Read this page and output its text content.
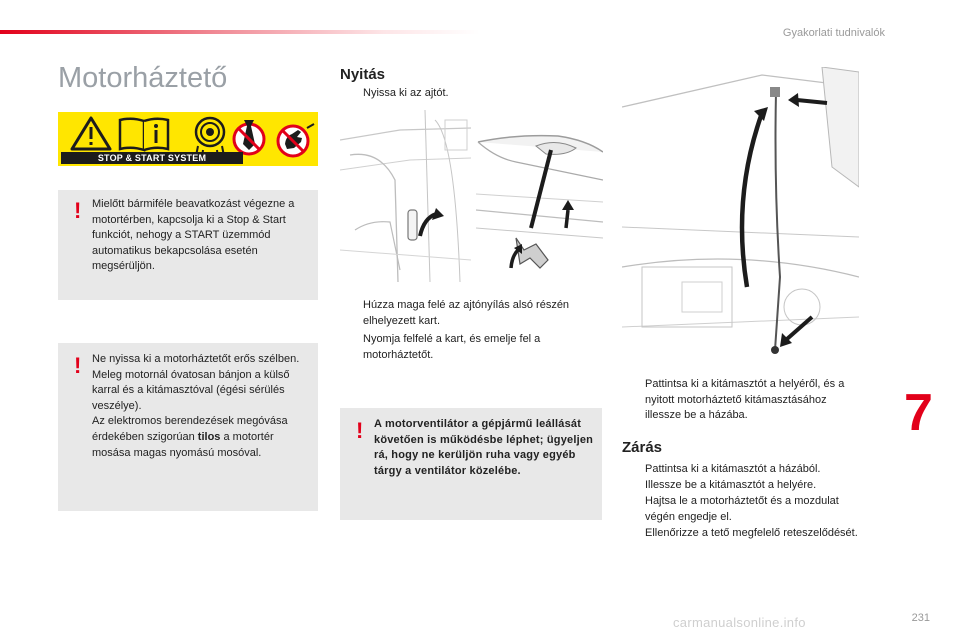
Gyakorlati tudnivalók
Motorháztető
STOP & START SYSTEM
! Mielőtt bármiféle beavatkozást végezne a motortérben, kapcsolja ki a Stop & Start funkciót, nehogy a START üzemmód automatikus bekapcsolása esetén megsérüljön.

! Ne nyissa ki a motorháztetőt erős szélben.
Meleg motornál óvatosan bánjon a külső karral és a kitámasztóval (égési sérülés veszélye).
Az elektromos berendezések megóvása érdekében szigorúan tilos a motortér mosása magas nyomású mosóval.
Nyitás
Nyissa ki az ajtót.
Húzza maga felé az ajtónyílás alsó részén elhelyezett kart.
Nyomja felfelé a kart, és emelje fel a motorháztetőt.
! A motorventilátor a gépjármű leállását követően is működésbe léphet; ügyeljen rá, hogy ne kerüljön ruha vagy egyéb tárgy a ventilátor közelébe.

Pattintsa ki a kitámasztót a helyéről, és a nyitott motorháztető kitámasztásához illessze be a házába.
Zárás
Pattintsa ki a kitámasztót a házából.
Illessze be a kitámasztót a helyére.
Hajtsa le a motorháztetőt és a mozdulat végén engedje el.
Ellenőrizze a tető megfelelő reteszelődését.
7
231
carmanualsonline.info
